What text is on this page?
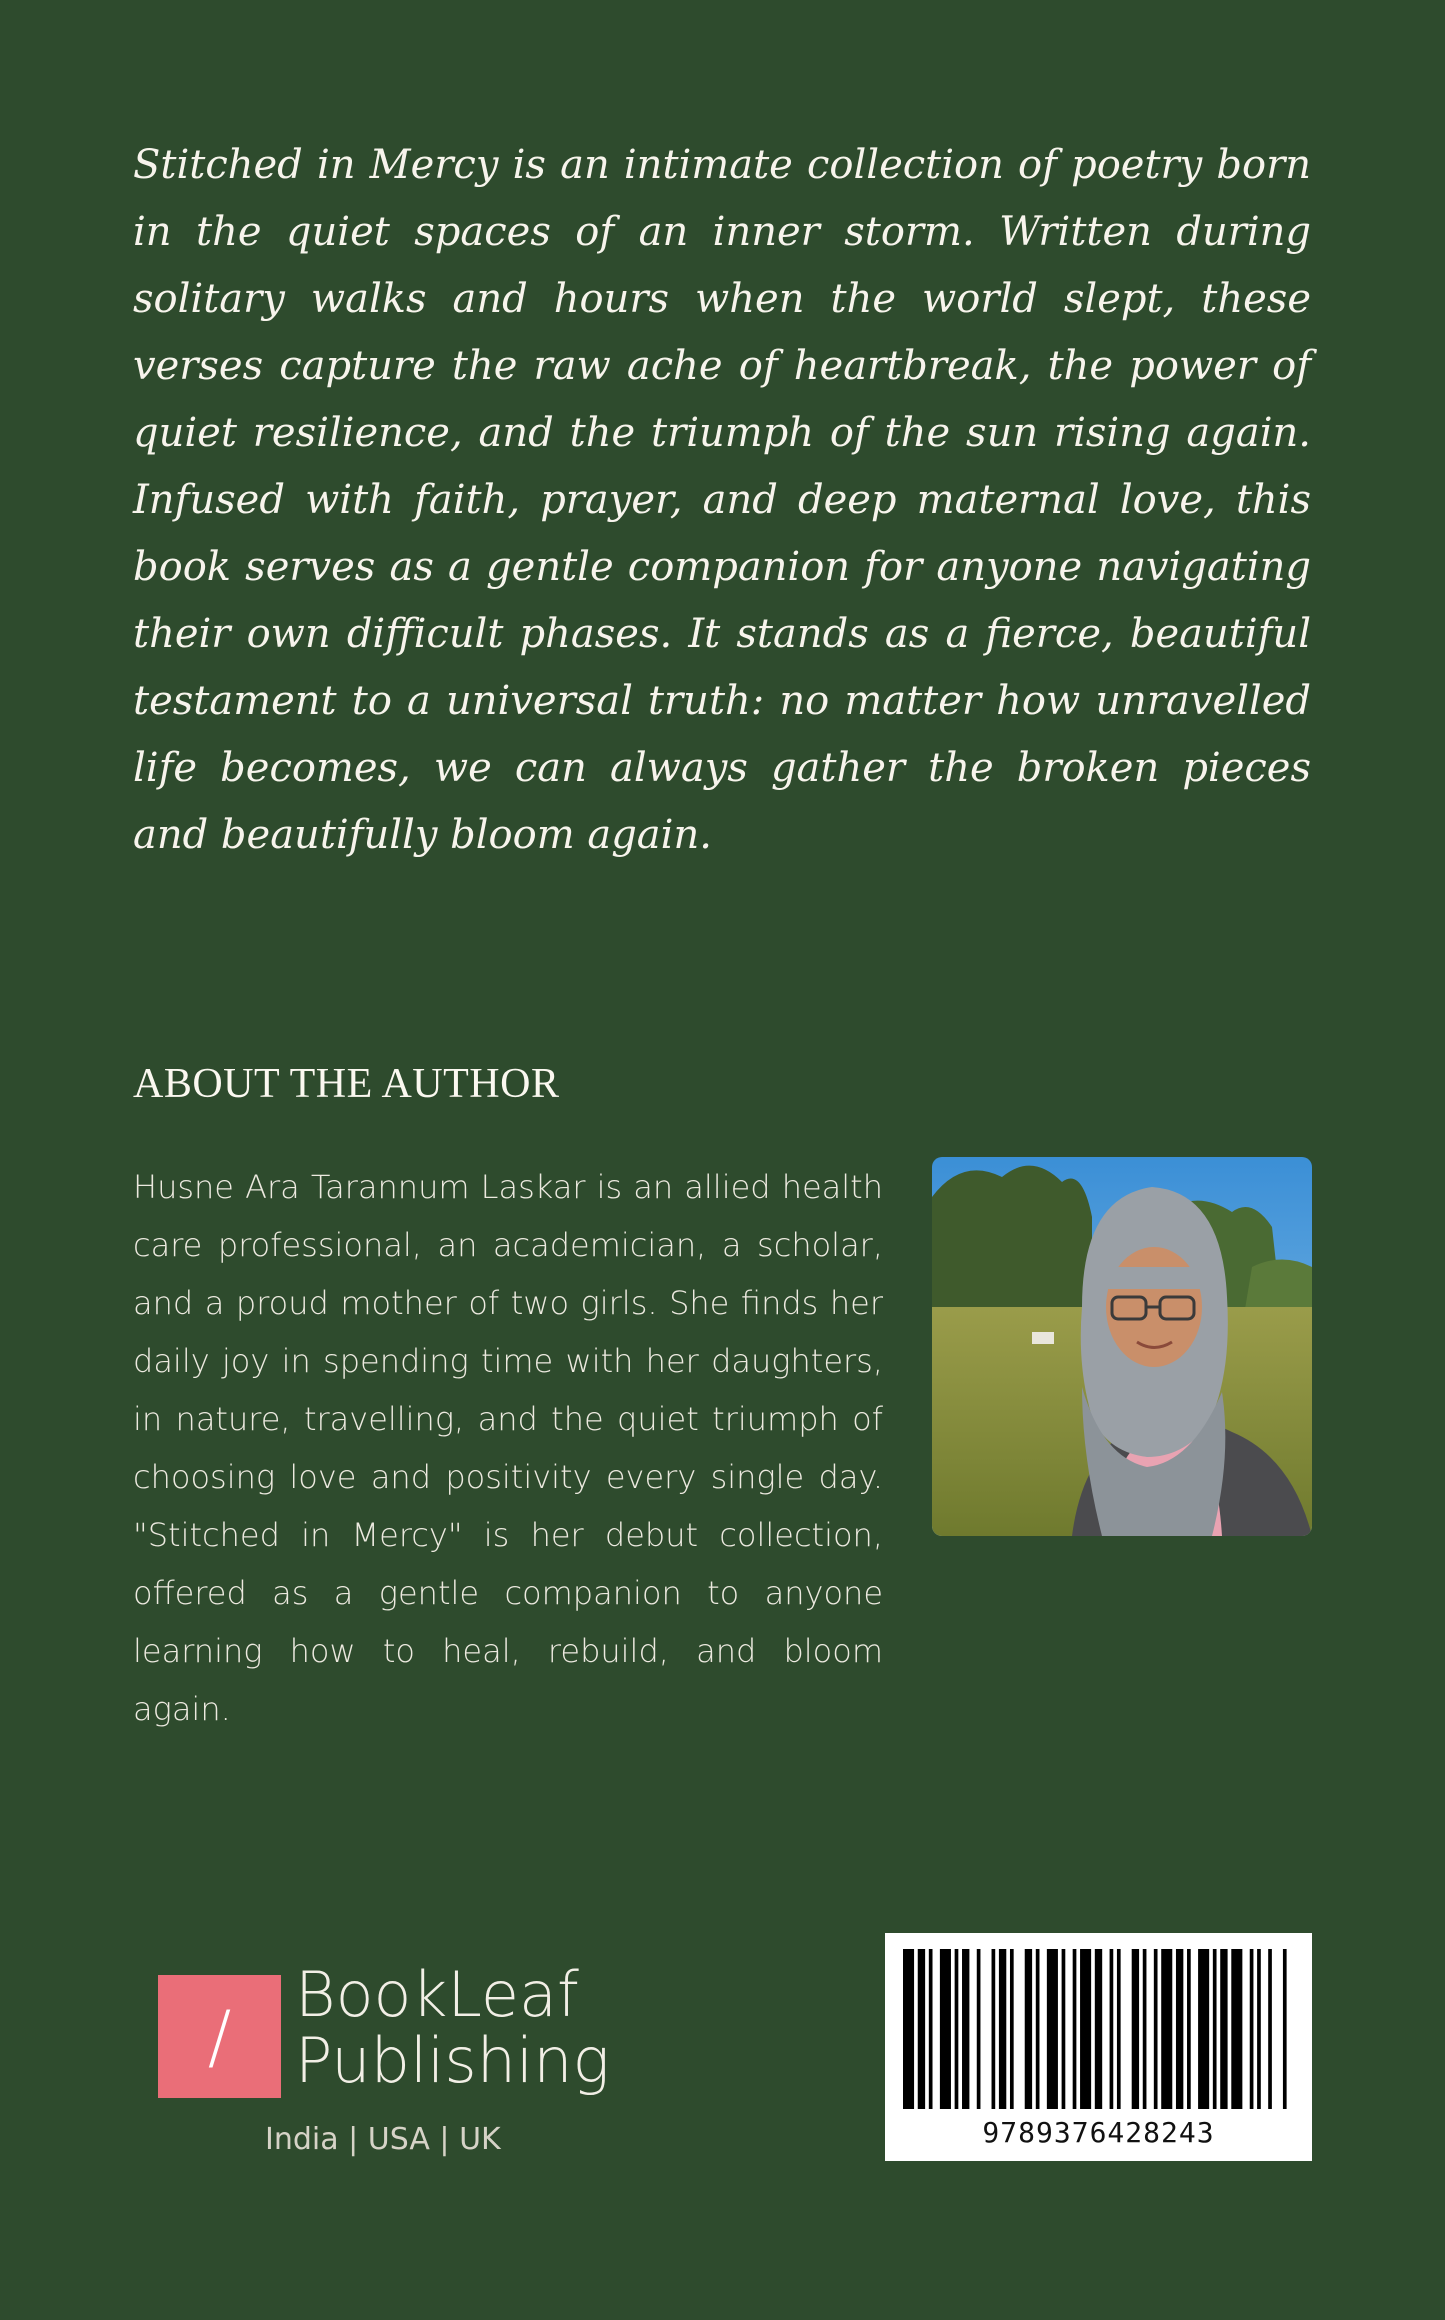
Stitched in Mercy is an intimate collection of poetry born in the quiet spaces of an inner storm. Written during solitary walks and hours when the world slept, these verses capture the raw ache of heartbreak, the power of quiet resilience, and the triumph of the sun rising again. Infused with faith, prayer, and deep maternal love, this book serves as a gentle companion for anyone navigating their own difficult phases. It stands as a fierce, beautiful testament to a universal truth: no matter how unravelled life becomes, we can always gather the broken pieces and beautifully bloom again.

ABOUT THE AUTHOR

Husne Ara Tarannum Laskar is an allied health care professional, an academician, a scholar, and a proud mother of two girls. She finds her daily joy in spending time with her daughters, in nature, travelling, and the quiet triumph of choosing love and positivity every single day. "Stitched in Mercy" is her debut collection, offered as a gentle companion to anyone learning how to heal, rebuild, and bloom again.

/
BookLeaf
Publishing
India | USA | UK	9789376428243
